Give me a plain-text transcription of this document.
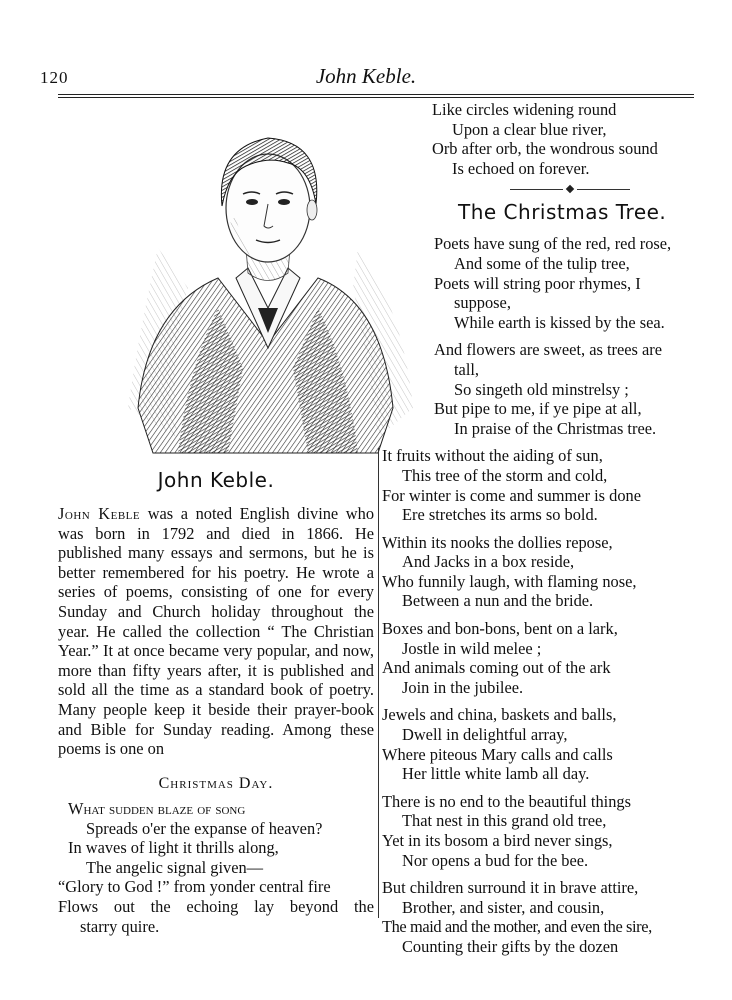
120	John Keble.
John Keble.

John Keble was a noted English divine who was born in 1792 and died in 1866. He published many essays and sermons, but he is better remembered for his poetry. He wrote a series of poems, consisting of one for every Sunday and Church holiday throughout the year. He called the collection “ The Christian Year.” It at once became very popular, and now, more than fifty years after, it is published and sold all the time as a standard book of poetry. Many people keep it beside their prayer-book and Bible for Sunday reading. Among these poems is one on

Christmas Day.
What sudden blaze of song
Spreads o'er the expanse of heaven?
In waves of light it thrills along,
The angelic signal given—
“Glory to God !” from yonder central fire
Flows out the echoing lay beyond the
starry quire.
Like circles widening round
Upon a clear blue river,
Orb after orb, the wondrous sound
Is echoed on forever.
The Christmas Tree.
Poets have sung of the red, red rose,
And some of the tulip tree,
Poets will string poor rhymes, I
suppose,
While earth is kissed by the sea.
And flowers are sweet, as trees are
tall,
So singeth old minstrelsy ;
But pipe to me, if ye pipe at all,
In praise of the Christmas tree.
It fruits without the aiding of sun,
This tree of the storm and cold,
For winter is come and summer is done
Ere stretches its arms so bold.
Within its nooks the dollies repose,
And Jacks in a box reside,
Who funnily laugh, with flaming nose,
Between a nun and the bride.
Boxes and bon-bons, bent on a lark,
Jostle in wild melee ;
And animals coming out of the ark
Join in the jubilee.
Jewels and china, baskets and balls,
Dwell in delightful array,
Where piteous Mary calls and calls
Her little white lamb all day.
There is no end to the beautiful things
That nest in this grand old tree,
Yet in its bosom a bird never sings,
Nor opens a bud for the bee.
But children surround it in brave attire,
Brother, and sister, and cousin,
The maid and the mother, and even the sire,
Counting their gifts by the dozen
